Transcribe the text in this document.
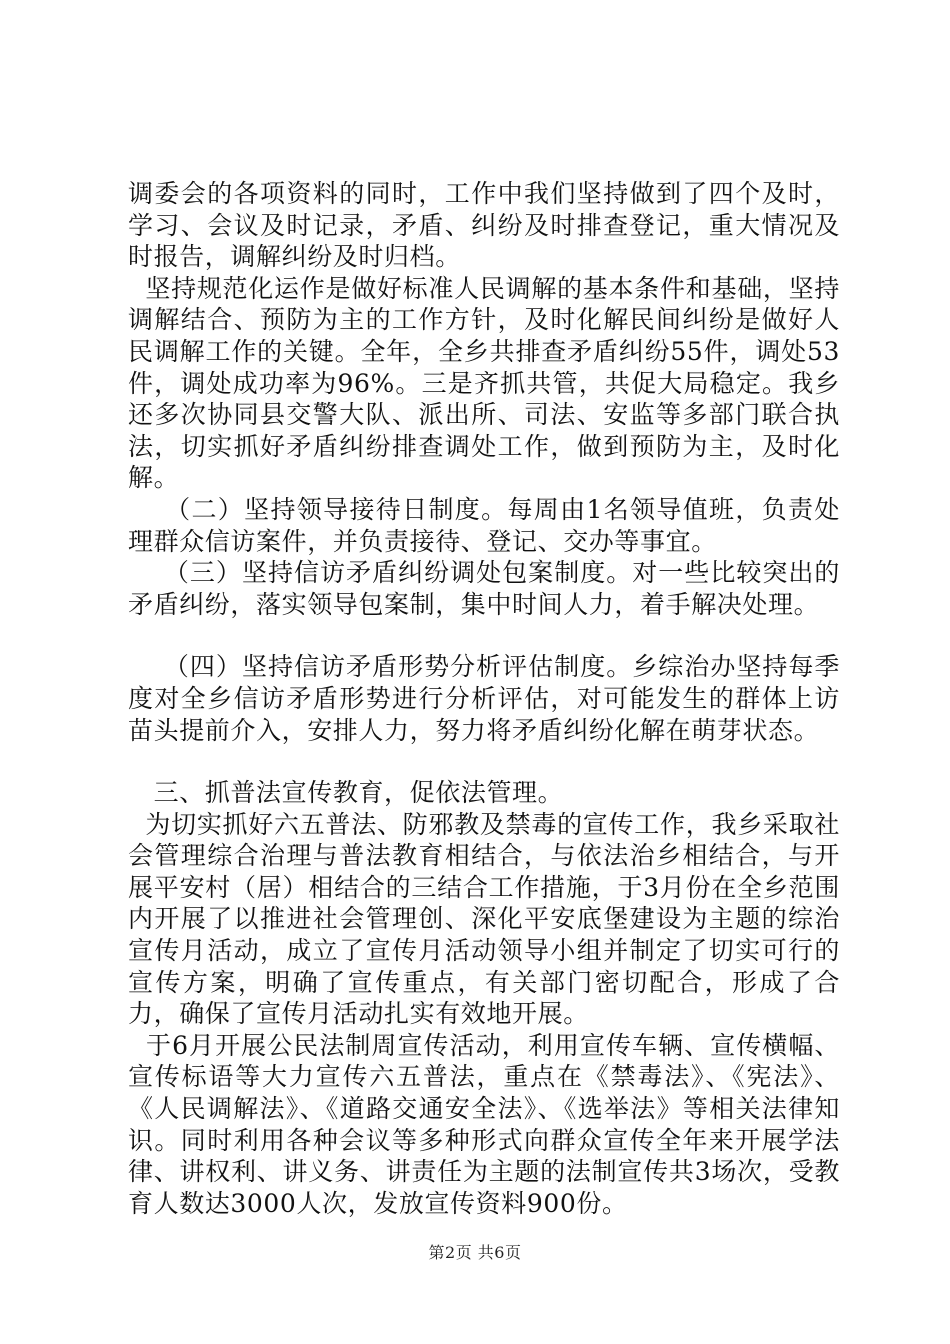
调委会的各项资料的同时，工作中我们坚持做到了四个及时，学习、会议及时记录，矛盾、纠纷及时排查登记，重大情况及时报告，调解纠纷及时归档。

坚持规范化运作是做好标准人民调解的基本条件和基础，坚持调解结合、预防为主的工作方针，及时化解民间纠纷是做好人民调解工作的关键。全年，全乡共排查矛盾纠纷55件，调处53件，调处成功率为96%。三是齐抓共管，共促大局稳定。我乡还多次协同县交警大队、派出所、司法、安监等多部门联合执法，切实抓好矛盾纠纷排查调处工作，做到预防为主，及时化解。

（二）坚持领导接待日制度。每周由1名领导值班，负责处理群众信访案件，并负责接待、登记、交办等事宜。

（三）坚持信访矛盾纠纷调处包案制度。对一些比较突出的矛盾纠纷，落实领导包案制，集中时间人力，着手解决处理。

（四）坚持信访矛盾形势分析评估制度。乡综治办坚持每季度对全乡信访矛盾形势进行分析评估，对可能发生的群体上访苗头提前介入，安排人力，努力将矛盾纠纷化解在萌芽状态。

三、抓普法宣传教育，促依法管理。

为切实抓好六五普法、防邪教及禁毒的宣传工作，我乡采取社会管理综合治理与普法教育相结合，与依法治乡相结合，与开展平安村（居）相结合的三结合工作措施，于3月份在全乡范围内开展了以推进社会管理创、深化平安底堡建设为主题的综治宣传月活动，成立了宣传月活动领导小组并制定了切实可行的宣传方案，明确了宣传重点，有关部门密切配合，形成了合力，确保了宣传月活动扎实有效地开展。

于6月开展公民法制周宣传活动，利用宣传车辆、宣传横幅、宣传标语等大力宣传六五普法，重点在《禁毒法》、《宪法》、《人民调解法》、《道路交通安全法》、《选举法》等相关法律知识。同时利用各种会议等多种形式向群众宣传全年来开展学法律、讲权利、讲义务、讲责任为主题的法制宣传共3场次，受教育人数达3000人次，发放宣传资料900份。

第2页 共6页
